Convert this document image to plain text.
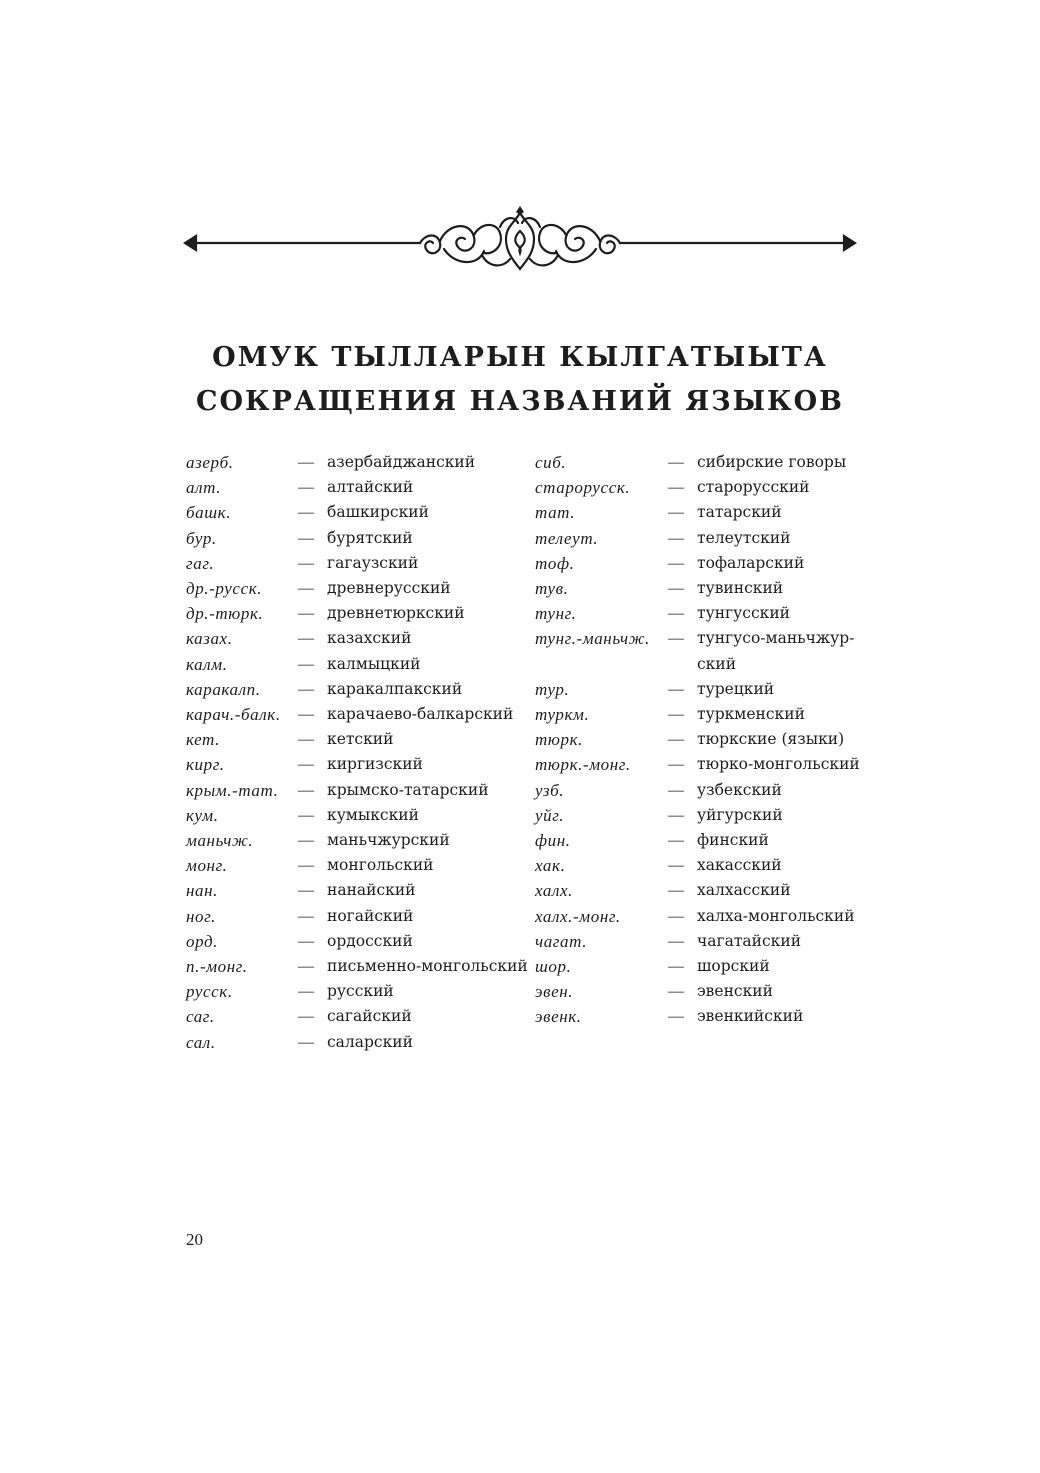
ОМУК ТЫЛЛАРЫН КЫЛГАТЫЫТА
СОКРАЩЕНИЯ НАЗВАНИЙ ЯЗЫКОВ
азерб.	— азербайджанский
алт.	— алтайский
башк.	— башкирский
бур.	— бурятский
гаг.	— гагаузский
др.-русск.	— древнерусский
др.-тюрк.	— древнетюркский
казах.	— казахский
калм.	— калмыцкий
каракалп.	— каракалпакский
карач.-балк.	— карачаево-балкарский
кет.	— кетский
кирг.	— киргизский
крым.-тат.	— крымско-татарский
кум.	— кумыкский
маньчж.	— маньчжурский
монг.	— монгольский
нан.	— нанайский
ног.	— ногайский
орд.	— ордосский
п.-монг.	— письменно-монгольский
русск.	— русский
саг.	— сагайский
сал.	— саларский
сиб.	— сибирские говоры
старорусск.	— старорусский
тат.	— татарский
телеут.	— телеутский
тоф.	— тофаларский
тув.	— тувинский
тунг.	— тунгусский
тунг.-маньчж.	— тунгусо-маньчжур-
ский
тур.	— турецкий
туркм.	— туркменский
тюрк.	— тюркские (языки)
тюрк.-монг.	— тюрко-монгольский
узб.	— узбекский
уйг.	— уйгурский
фин.	— финский
хак.	— хакасский
халх.	— халхасский
халх.-монг.	— халха-монгольский
чагат.	— чагатайский
шор.	— шорский
эвен.	— эвенский
эвенк.	— эвенкийский
20
